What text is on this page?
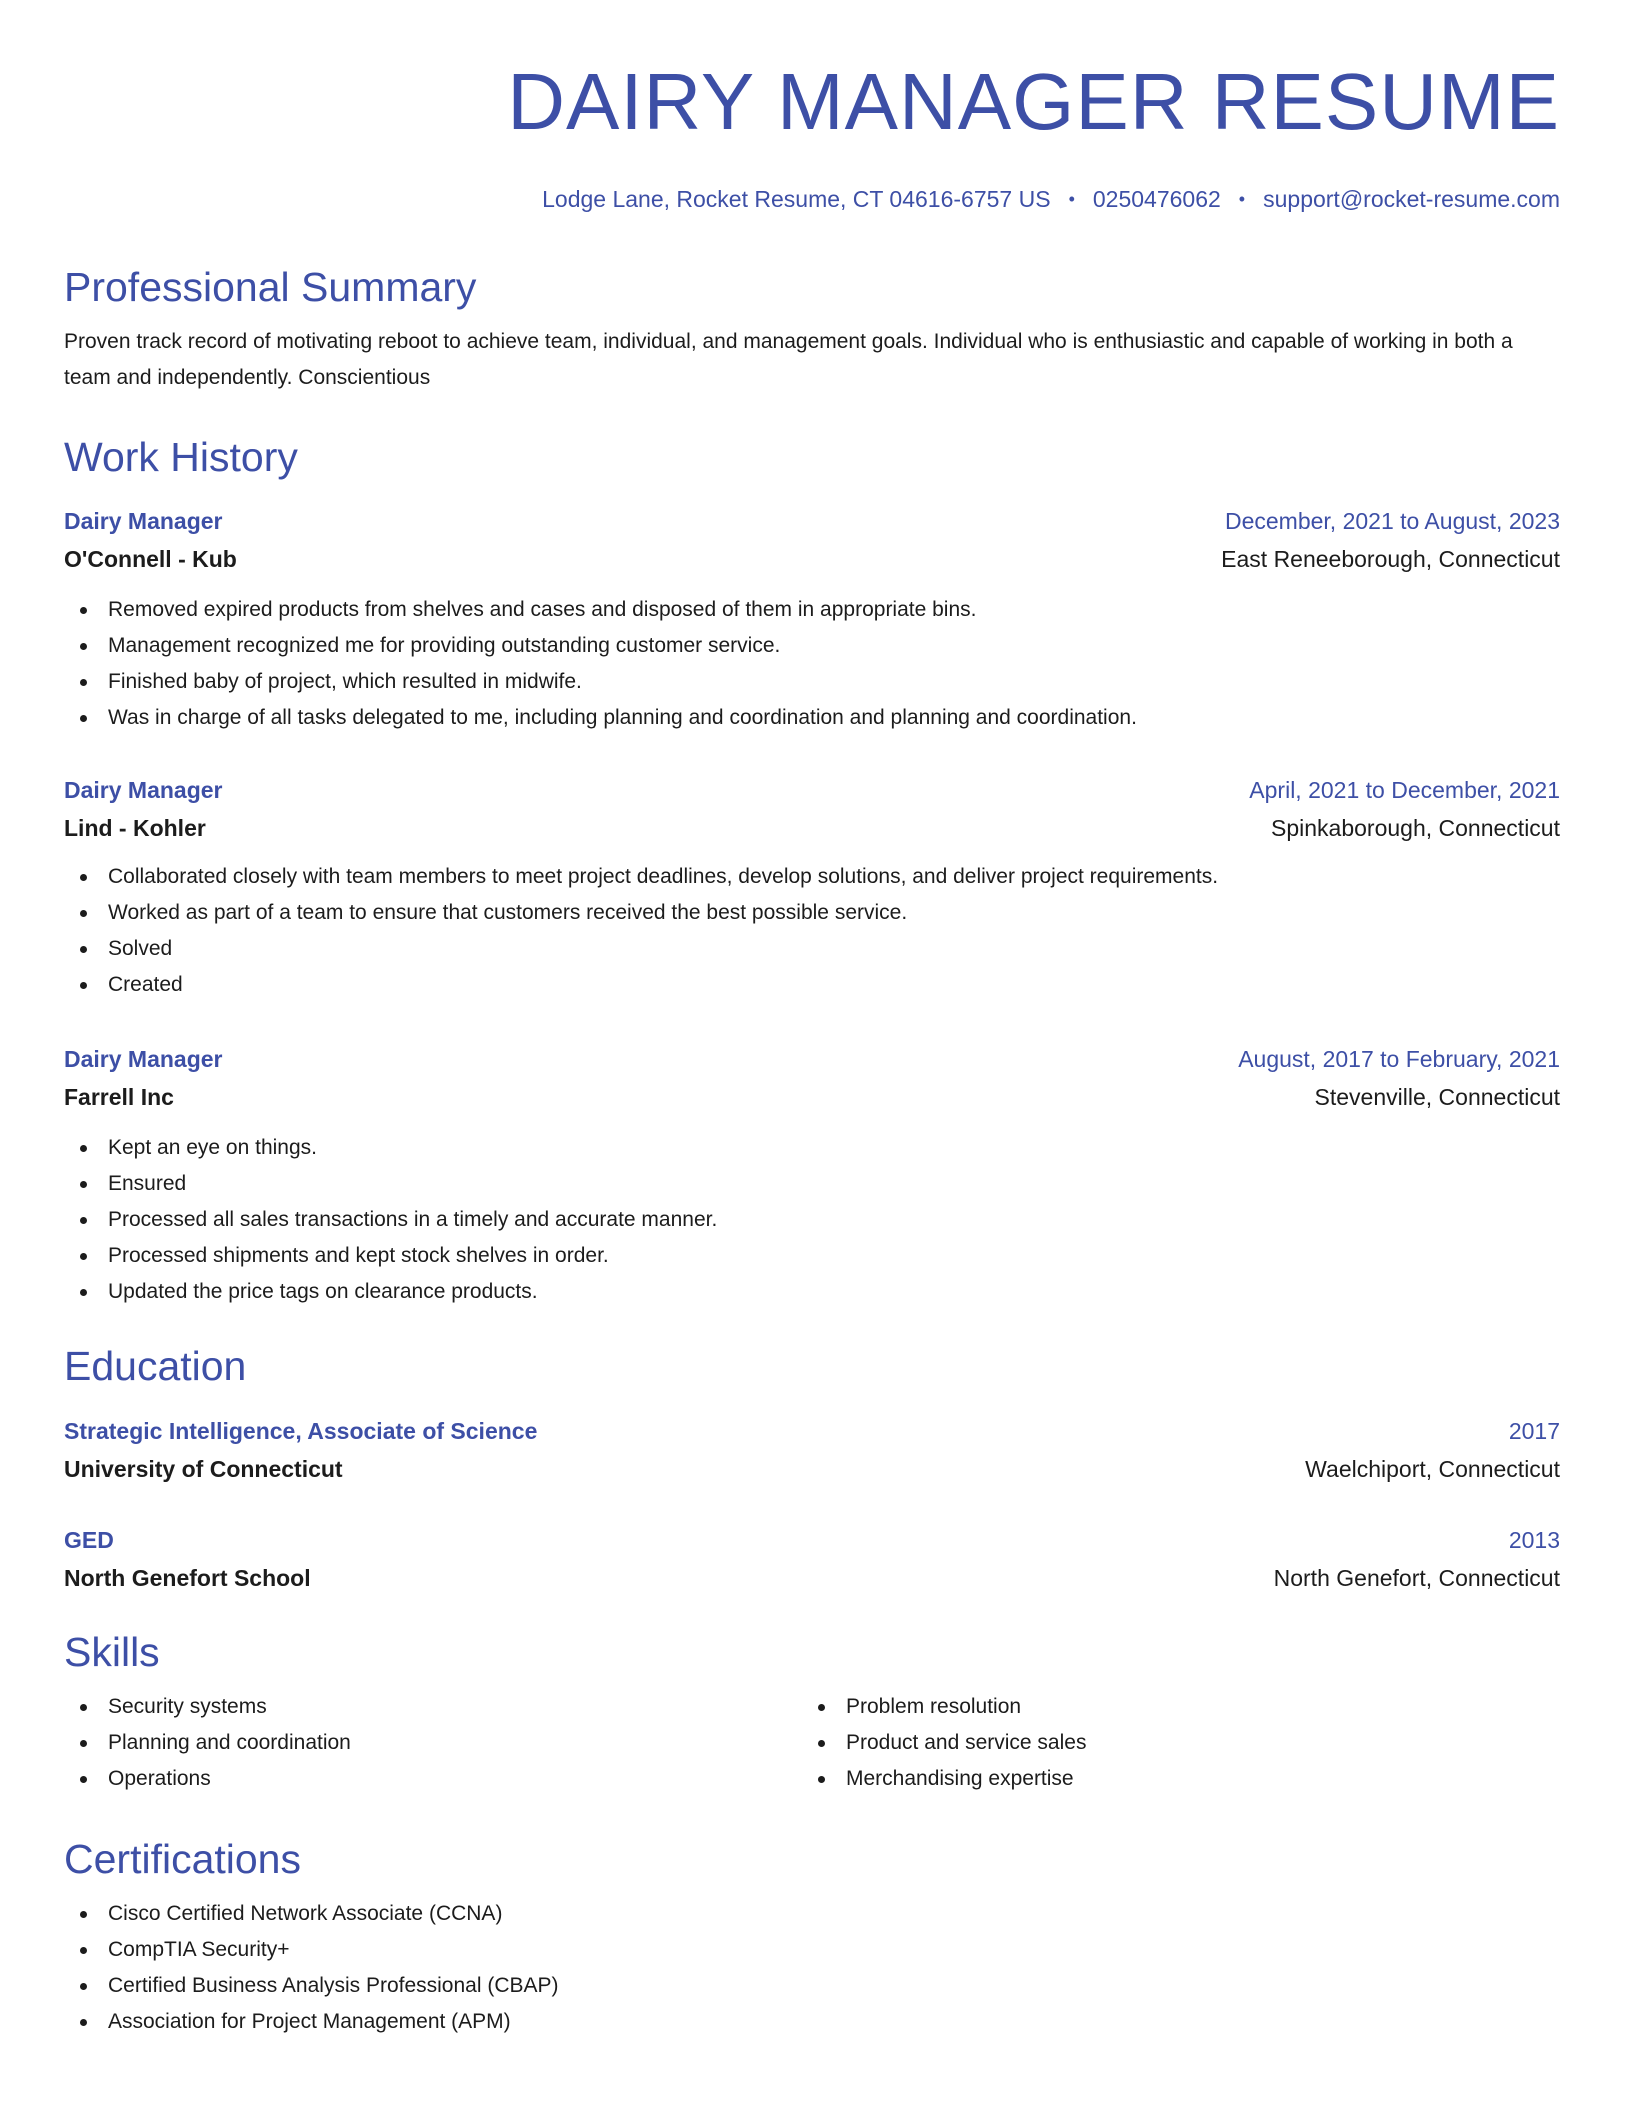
DAIRY MANAGER RESUME
Lodge Lane, Rocket Resume, CT 04616-6757 US • 0250476062 • support@rocket-resume.com
Professional Summary

Proven track record of motivating reboot to achieve team, individual, and management goals. Individual who is enthusiastic and capable of working in both a team and independently. Conscientious

Work History
Dairy Manager	December, 2021 to August, 2023
O'Connell - Kub	East Reneeborough, Connecticut
Removed expired products from shelves and cases and disposed of them in appropriate bins.
Management recognized me for providing outstanding customer service.
Finished baby of project, which resulted in midwife.
Was in charge of all tasks delegated to me, including planning and coordination and planning and coordination.
Dairy Manager	April, 2021 to December, 2021
Lind - Kohler	Spinkaborough, Connecticut
Collaborated closely with team members to meet project deadlines, develop solutions, and deliver project requirements.
Worked as part of a team to ensure that customers received the best possible service.
Solved
Created
Dairy Manager	August, 2017 to February, 2021
Farrell Inc	Stevenville, Connecticut
Kept an eye on things.
Ensured
Processed all sales transactions in a timely and accurate manner.
Processed shipments and kept stock shelves in order.
Updated the price tags on clearance products.
Education
Strategic Intelligence, Associate of Science	2017
University of Connecticut	Waelchiport, Connecticut
GED	2013
North Genefort School	North Genefort, Connecticut
Skills
Security systems
Planning and coordination
Operations
Problem resolution
Product and service sales
Merchandising expertise
Certifications
Cisco Certified Network Associate (CCNA)
CompTIA Security+
Certified Business Analysis Professional (CBAP)
Association for Project Management (APM)
